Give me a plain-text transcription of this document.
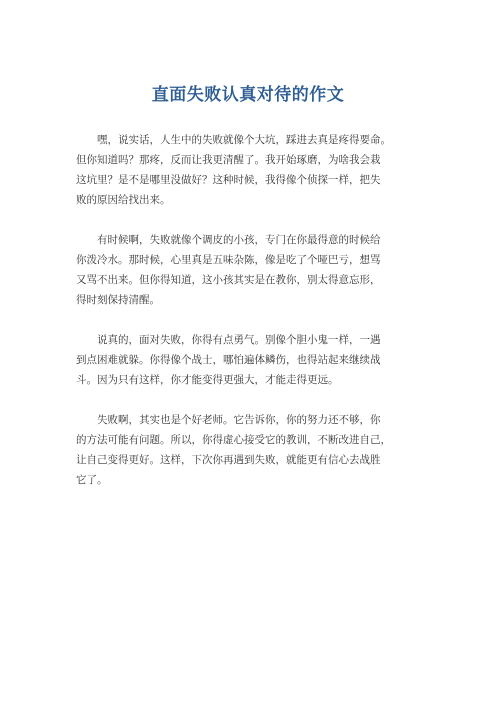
直面失败认真对待的作文
嘿，说实话，人生中的失败就像个大坑，踩进去真是疼得要命。
但你知道吗？那疼，反而让我更清醒了。我开始琢磨，为啥我会栽
这坑里？是不是哪里没做好？这种时候，我得像个侦探一样，把失
败的原因给找出来。
有时候啊，失败就像个调皮的小孩，专门在你最得意的时候给
你泼冷水。那时候，心里真是五味杂陈，像是吃了个哑巴亏，想骂
又骂不出来。但你得知道，这小孩其实是在教你，别太得意忘形，
得时刻保持清醒。
说真的，面对失败，你得有点勇气。别像个胆小鬼一样，一遇
到点困难就躲。你得像个战士，哪怕遍体鳞伤，也得站起来继续战
斗。因为只有这样，你才能变得更强大，才能走得更远。
失败啊，其实也是个好老师。它告诉你，你的努力还不够，你
的方法可能有问题。所以，你得虚心接受它的教训，不断改进自己，
让自己变得更好。这样，下次你再遇到失败，就能更有信心去战胜
它了。
